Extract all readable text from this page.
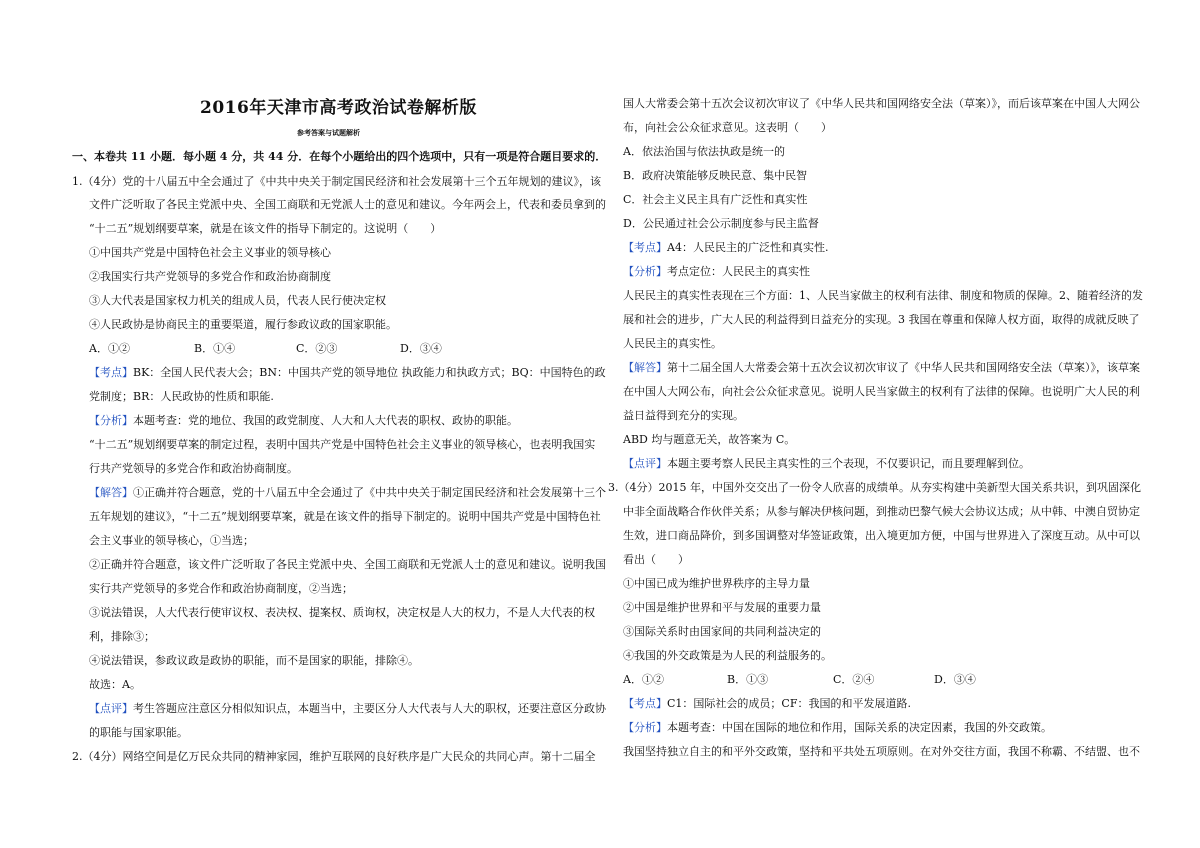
2016年天津市高考政治试卷解析版
参考答案与试题解析
一、本卷共 11 小题．每小题 4 分，共 44 分．在每个小题给出的四个选项中，只有一项是符合题目要求的．
1.（4分）党的十八届五中全会通过了《中共中央关于制定国民经济和社会发展第十三个五年规划的建议》，该
文件广泛听取了各民主党派中央、全国工商联和无党派人士的意见和建议。今年两会上，代表和委员拿到的
“十二五”规划纲要草案，就是在该文件的指导下制定的。这说明（　　）
①中国共产党是中国特色社会主义事业的领导核心
②我国实行共产党领导的多党合作和政治协商制度
③人大代表是国家权力机关的组成人员，代表人民行使决定权
④人民政协是协商民主的重要渠道，履行参政议政的国家职能。
A．①②	B．①④	C．②③	D．③④
【考点】BK：全国人民代表大会；BN：中国共产党的领导地位 执政能力和执政方式；BQ：中国特色的政
党制度；BR：人民政协的性质和职能.
【分析】本题考查：党的地位、我国的政党制度、人大和人大代表的职权、政协的职能。
“十二五”规划纲要草案的制定过程，表明中国共产党是中国特色社会主义事业的领导核心，也表明我国实
行共产党领导的多党合作和政治协商制度。
【解答】①正确并符合题意，党的十八届五中全会通过了《中共中央关于制定国民经济和社会发展第十三个
五年规划的建议》，“十二五”规划纲要草案，就是在该文件的指导下制定的。说明中国共产党是中国特色社
会主义事业的领导核心，①当选；
②正确并符合题意，该文件广泛听取了各民主党派中央、全国工商联和无党派人士的意见和建议。说明我国
实行共产党领导的多党合作和政治协商制度，②当选；
③说法错误，人大代表行使审议权、表决权、提案权、质询权，决定权是人大的权力，不是人大代表的权
利，排除③；
④说法错误，参政议政是政协的职能，而不是国家的职能，排除④。
故选：A。
【点评】考生答题应注意区分相似知识点，本题当中，主要区分人大代表与人大的职权，还要注意区分政协
的职能与国家职能。
2.（4分）网络空间是亿万民众共同的精神家园，维护互联网的良好秩序是广大民众的共同心声。第十二届全
国人大常委会第十五次会议初次审议了《中华人民共和国网络安全法（草案）》，而后该草案在中国人大网公
布，向社会公众征求意见。这表明（　　）
A．依法治国与依法执政是统一的
B．政府决策能够反映民意、集中民智
C．社会主义民主具有广泛性和真实性
D．公民通过社会公示制度参与民主监督
【考点】A4：人民民主的广泛性和真实性.
【分析】考点定位：人民民主的真实性
人民民主的真实性表现在三个方面：1、人民当家做主的权利有法律、制度和物质的保障。2、随着经济的发
展和社会的进步，广大人民的利益得到日益充分的实现。3 我国在尊重和保障人权方面，取得的成就反映了
人民民主的真实性。
【解答】第十二届全国人大常委会第十五次会议初次审议了《中华人民共和国网络安全法（草案）》，该草案
在中国人大网公布，向社会公众征求意见。说明人民当家做主的权利有了法律的保障。也说明广大人民的利
益日益得到充分的实现。
ABD 均与题意无关，故答案为 C。
【点评】本题主要考察人民民主真实性的三个表现，不仅要识记，而且要理解到位。
3.（4分）2015 年，中国外交交出了一份令人欣喜的成绩单。从夯实构建中美新型大国关系共识，到巩固深化
中非全面战略合作伙伴关系；从参与解决伊核问题，到推动巴黎气候大会协议达成；从中韩、中澳自贸协定
生效，进口商品降价，到多国调整对华签证政策，出入境更加方便，中国与世界进入了深度互动。从中可以
看出（　　）
①中国已成为维护世界秩序的主导力量
②中国是维护世界和平与发展的重要力量
③国际关系时由国家间的共同利益决定的
④我国的外交政策是为人民的利益服务的。
A．①②	B．①③	C．②④	D．③④
【考点】C1：国际社会的成员；CF：我国的和平发展道路.
【分析】本题考查：中国在国际的地位和作用，国际关系的决定因素，我国的外交政策。
我国坚持独立自主的和平外交政策，坚持和平共处五项原则。在对外交往方面，我国不称霸、不结盟、也不
